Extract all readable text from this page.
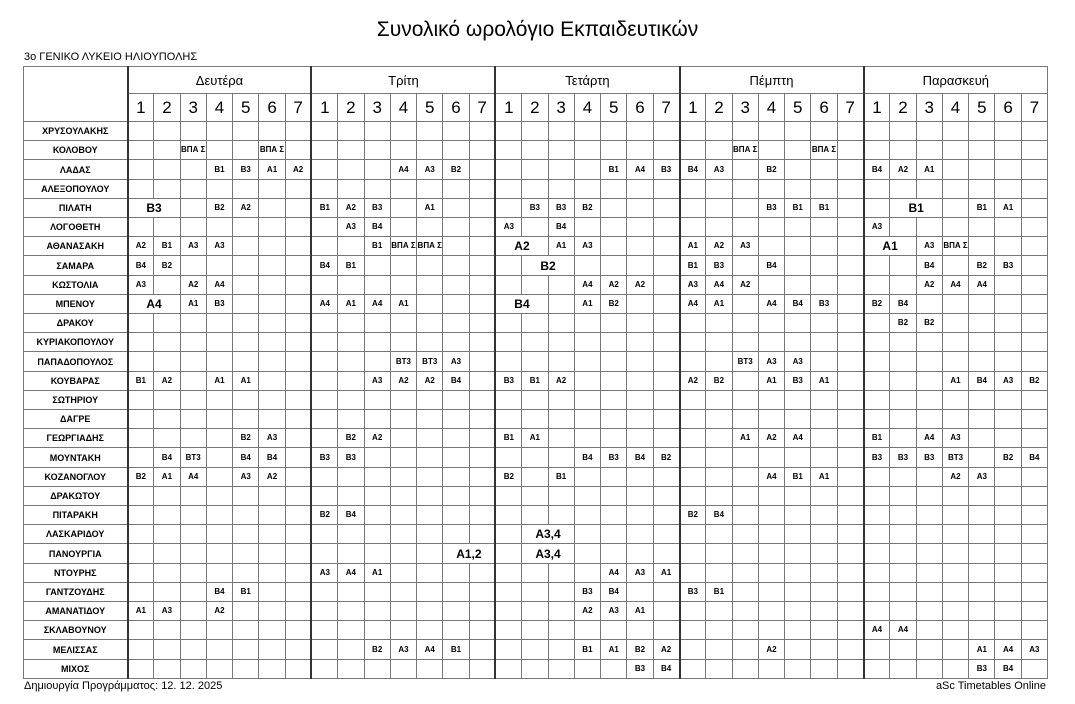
Συνολικό ωρολόγιο Εκπαιδευτικών
3ο ΓΕΝΙΚΟ ΛΥΚΕΙΟ ΗΛΙΟΥΠΟΛΗΣ
	Δευτέρα							Τρίτη							Τετάρτη							Πέμπτη							Παρασκευή						
	1	2	3	4	5	6	7	1	2	3	4	5	6	7	1	2	3	4	5	6	7	1	2	3	4	5	6	7	1	2	3	4	5	6	7
ΧΡΥΣΟΥΛΑΚΗΣ																																			
ΚΟΛΟΒΟΥ			ΒΠΑ Σ			ΒΠΑ Σ																		ΒΠΑ Σ			ΒΠΑ Σ								
ΛΑΔΑΣ				Β1	Β3	Α1	Α2				Α4	Α3	Β2						Β1	Α4	Β3	Β4	Α3		Β2				Β4	Α2	Α1				
ΑΛΕΞΟΠΟΥΛΟΥ																																			
ΠΙΛΑΤΗ	Β3			Β2	Α2			Β1	Α2	Β3		Α1				Β3	Β3	Β2							Β3	Β1	Β1			Β1			Β1	Α1	
ΛΟΓΟΘΕΤΗ									Α3	Β4					Α3		Β4												Α3						
ΑΘΑΝΑΣΑΚΗ	Α2	Β1	Α3	Α3						Β1	ΒΠΑ Σ	ΒΠΑ Σ			Α2		Α1	Α3				Α1	Α2	Α3					Α1		Α3	ΒΠΑ Σ			
ΣΑΜΑΡΑ	Β4	Β2						Β4	Β1							Β2						Β1	Β3		Β4						Β4		Β2	Β3	
ΚΩΣΤΟΛΙΑ	Α3		Α2	Α4														Α4	Α2	Α2		Α3	Α4	Α2							Α2	Α4	Α4		
ΜΠΕΝΟΥ	Α4		Α1	Β3				Α4	Α1	Α4	Α1				Β4			Α1	Β2			Α4	Α1		Α4	Β4	Β3		Β2	Β4					
ΔΡΑΚΟΥ																														Β2	Β2				
ΚΥΡΙΑΚΟΠΟΥΛΟΥ																																			
ΠΑΠΑΔΟΠΟΥΛΟΣ											ΒΤ3	ΒΤ3	Α3											ΒΤ3	Α3	Α3									
ΚΟΥΒΑΡΑΣ	Β1	Α2		Α1	Α1					Α3	Α2	Α2	Β4		Β3	Β1	Α2					Α2	Β2		Α1	Β3	Α1					Α1	Β4	Α3	Β2
ΣΩΤΗΡΙΟΥ																																			
ΔΑΓΡΕ																																			
ΓΕΩΡΓΙΑΔΗΣ					Β2	Α3			Β2	Α2					Β1	Α1								Α1	Α2	Α4			Β1		Α4	Α3			
ΜΟΥΝΤΑΚΗ		Β4	ΒΤ3		Β4	Β4		Β3	Β3									Β4	Β3	Β4	Β2								Β3	Β3	Β3	ΒΤ3		Β2	Β4
ΚΟΖΑΝΟΓΛΟΥ	Β2	Α1	Α4		Α3	Α2									Β2		Β1								Α4	Β1	Α1					Α2	Α3		
ΔΡΑΚΩΤΟΥ																																			
ΠΙΤΑΡΑΚΗ								Β2	Β4													Β2	Β4												
ΛΑΣΚΑΡΙΔΟΥ																Α3,4																			
ΠΑΝΟΥΡΓΙΑ													Α1,2			Α3,4																			
ΝΤΟΥΡΗΣ								Α3	Α4	Α1									Α4	Α3	Α1														
ΓΑΝΤΖΟΥΔΗΣ				Β4	Β1													Β3	Β4			Β3	Β1												
ΑΜΑΝΑΤΙΔΟΥ	Α1	Α3		Α2														Α2	Α3	Α1															
ΣΚΛΑΒΟΥΝΟΥ																													Α4	Α4					
ΜΕΛΙΣΣΑΣ										Β2	Α3	Α4	Β1					Β1	Α1	Β2	Α2				Α2								Α1	Α4	Α3
ΜΙΧΟΣ																				Β3	Β4												Β3	Β4	
Δημιουργία Προγράμματος: 12. 12. 2025	aSc Timetables Online
